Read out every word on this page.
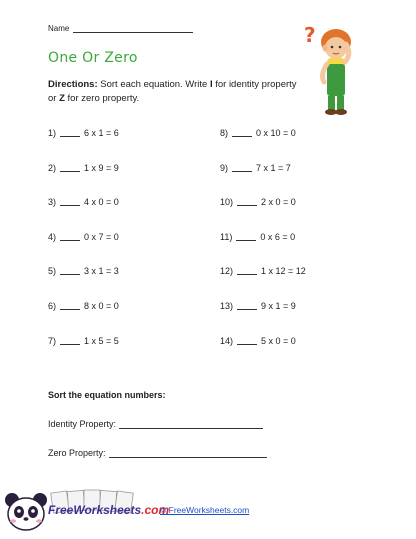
Name
One Or Zero
Directions: Sort each equation. Write I for identity property or Z for zero property.
?
1)	6 x 1 = 6
2)	1 x 9 = 9
3)	4 x 0 = 0
4)	0 x 7 = 0
5)	3 x 1 = 3
6)	8 x 0 = 0
7)	1 x 5 = 5
8)	0 x 10 = 0
9)	7 x 1 = 7
10)	2 x 0 = 0
11)	0 x 6 = 0
12)	1 x 12 = 12
13)	9 x 1 = 9
14)	5 x 0 = 0
Sort the equation numbers:
Identity Property:
Zero Property:
FreeWorksheets.com
© FreeWorksheets.com
